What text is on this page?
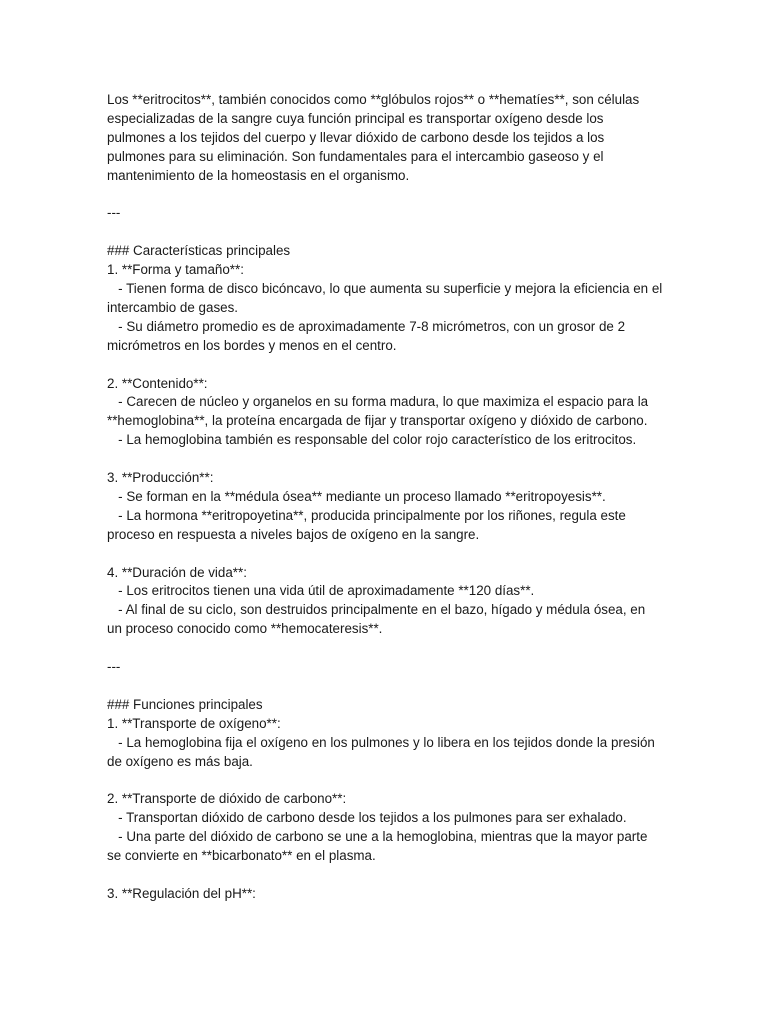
Los **eritrocitos**, también conocidos como **glóbulos rojos** o **hematíes**, son células especializadas de la sangre cuya función principal es transportar oxígeno desde los pulmones a los tejidos del cuerpo y llevar dióxido de carbono desde los tejidos a los pulmones para su eliminación. Son fundamentales para el intercambio gaseoso y el mantenimiento de la homeostasis en el organismo.

---

### Características principales

1. **Forma y tamaño**:

- Tienen forma de disco bicóncavo, lo que aumenta su superficie y mejora la eficiencia en el intercambio de gases.

- Su diámetro promedio es de aproximadamente 7-8 micrómetros, con un grosor de 2 micrómetros en los bordes y menos en el centro.

2. **Contenido**:

- Carecen de núcleo y organelos en su forma madura, lo que maximiza el espacio para la **hemoglobina**, la proteína encargada de fijar y transportar oxígeno y dióxido de carbono.

- La hemoglobina también es responsable del color rojo característico de los eritrocitos.

3. **Producción**:

- Se forman en la **médula ósea** mediante un proceso llamado **eritropoyesis**.

- La hormona **eritropoyetina**, producida principalmente por los riñones, regula este proceso en respuesta a niveles bajos de oxígeno en la sangre.

4. **Duración de vida**:

- Los eritrocitos tienen una vida útil de aproximadamente **120 días**.

- Al final de su ciclo, son destruidos principalmente en el bazo, hígado y médula ósea, en un proceso conocido como **hemocateresis**.

---

### Funciones principales

1. **Transporte de oxígeno**:

- La hemoglobina fija el oxígeno en los pulmones y lo libera en los tejidos donde la presión de oxígeno es más baja.

2. **Transporte de dióxido de carbono**:

- Transportan dióxido de carbono desde los tejidos a los pulmones para ser exhalado.

- Una parte del dióxido de carbono se une a la hemoglobina, mientras que la mayor parte se convierte en **bicarbonato** en el plasma.

3. **Regulación del pH**:
